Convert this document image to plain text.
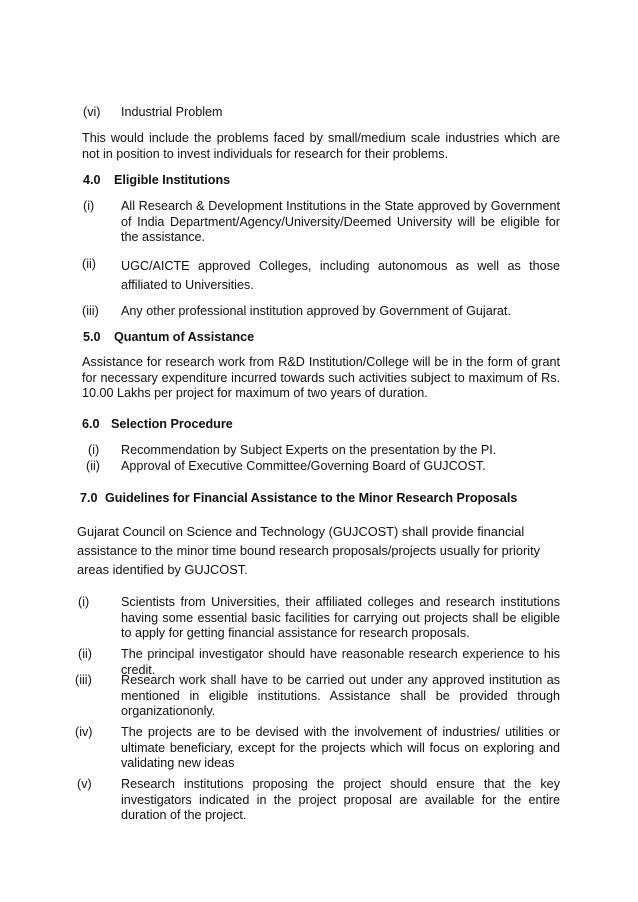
(vi) Industrial Problem
This would include the problems faced by small/medium scale industries which are not in position to invest individuals for research for their problems.
4.0 Eligible Institutions
(i) All Research & Development Institutions in the State approved by Government of India Department/Agency/University/Deemed University will be eligible for the assistance.
(ii) UGC/AICTE approved Colleges, including autonomous as well as those affiliated to Universities.
(iii) Any other professional institution approved by Government of Gujarat.
5.0 Quantum of Assistance
Assistance for research work from R&D Institution/College will be in the form of grant for necessary expenditure incurred towards such activities subject to maximum of Rs. 10.00 Lakhs per project for maximum of two years of duration.
6.0 Selection Procedure
(i) Recommendation by Subject Experts on the presentation by the PI.
(ii) Approval of Executive Committee/Governing Board of GUJCOST.
7.0 Guidelines for Financial Assistance to the Minor Research Proposals
Gujarat Council on Science and Technology (GUJCOST) shall provide financial assistance to the minor time bound research proposals/projects usually for priority areas identified by GUJCOST.
(i)	Scientists from Universities, their affiliated colleges and research institutions having some essential basic facilities for carrying out projects shall be eligible to apply for getting financial assistance for research proposals.
(ii) The principal investigator should have reasonable research experience to his credit.
(iii) Research work shall have to be carried out under any approved institution as mentioned in eligible institutions. Assistance shall be provided through organizationonly.
(iv) The projects are to be devised with the involvement of industries/ utilities or ultimate beneficiary, except for the projects which will focus on exploring and validating new ideas
(v) Research institutions proposing the project should ensure that the key investigators indicated in the project proposal are available for the entire duration of the project.
